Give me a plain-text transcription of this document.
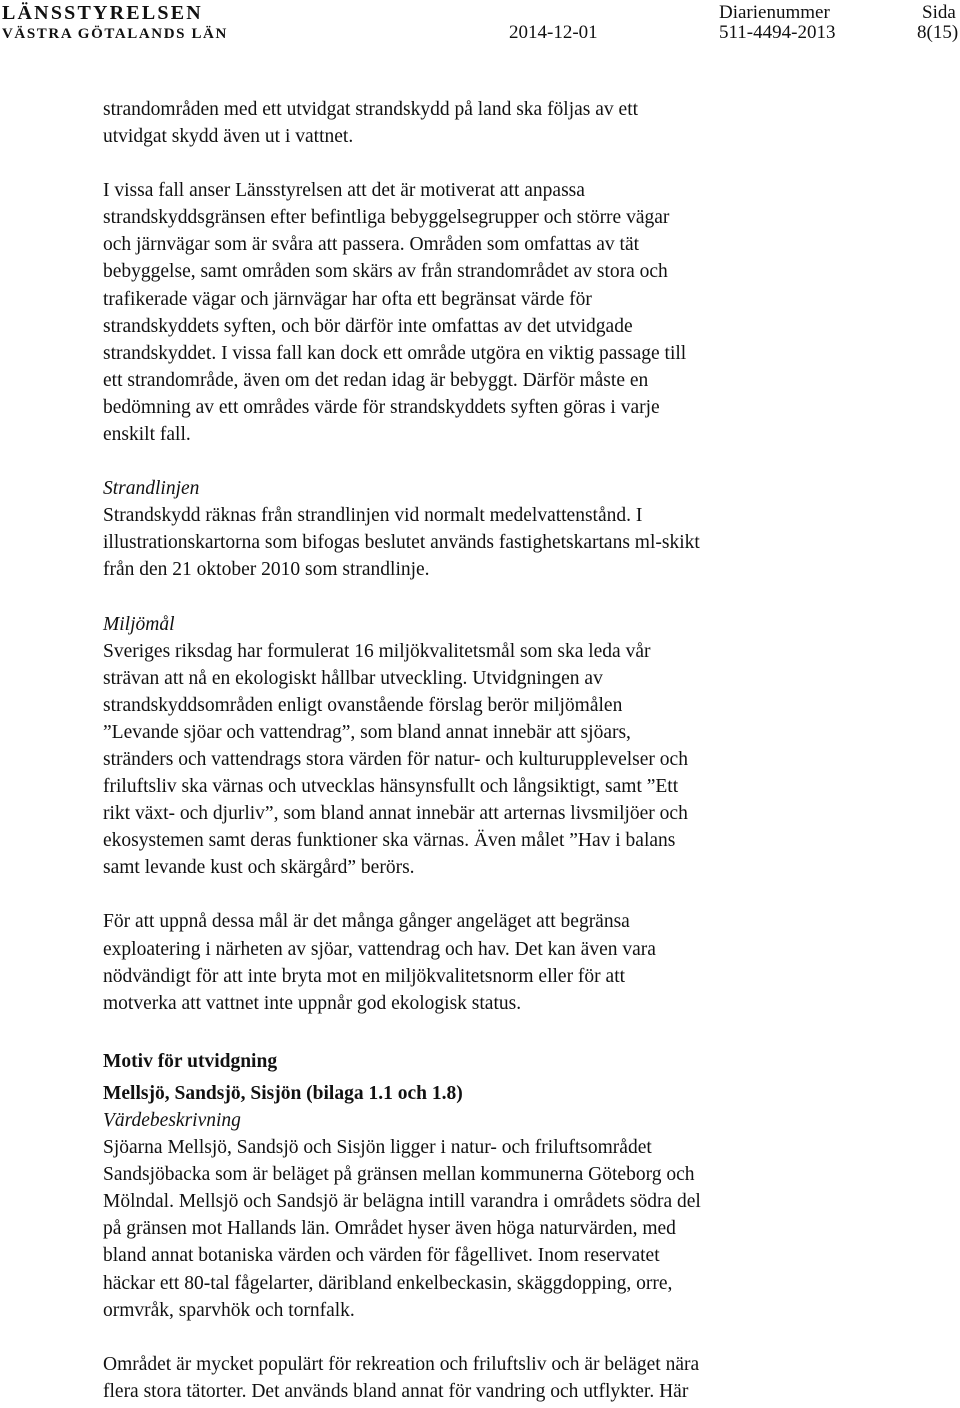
LÄNSSTYRELSEN
VÄSTRA GÖTALANDS LÄN	2014-12-01
Diarienummer
511-4494-2013
Sida
8(15)

strandområden med ett utvidgat strandskydd på land ska följas av ett
utvidgat skydd även ut i vattnet.

I vissa fall anser Länsstyrelsen att det är motiverat att anpassa
strandskyddsgränsen efter befintliga bebyggelsegrupper och större vägar
och järnvägar som är svåra att passera. Områden som omfattas av tät
bebyggelse, samt områden som skärs av från strandområdet av stora och
trafikerade vägar och järnvägar har ofta ett begränsat värde för
strandskyddets syften, och bör därför inte omfattas av det utvidgade
strandskyddet. I vissa fall kan dock ett område utgöra en viktig passage till
ett strandområde, även om det redan idag är bebyggt. Därför måste en
bedömning av ett områdes värde för strandskyddets syften göras i varje
enskilt fall.

Strandlinjen

Strandskydd räknas från strandlinjen vid normalt medelvattenstånd. I
illustrationskartorna som bifogas beslutet används fastighetskartans ml-skikt
från den 21 oktober 2010 som strandlinje.

Miljömål

Sveriges riksdag har formulerat 16 miljökvalitetsmål som ska leda vår
strävan att nå en ekologiskt hållbar utveckling. Utvidgningen av
strandskyddsområden enligt ovanstående förslag berör miljömålen
”Levande sjöar och vattendrag”, som bland annat innebär att sjöars,
stränders och vattendrags stora värden för natur- och kulturupplevelser och
friluftsliv ska värnas och utvecklas hänsynsfullt och långsiktigt, samt ”Ett
rikt växt- och djurliv”, som bland annat innebär att arternas livsmiljöer och
ekosystemen samt deras funktioner ska värnas. Även målet ”Hav i balans
samt levande kust och skärgård” berörs.

För att uppnå dessa mål är det många gånger angeläget att begränsa
exploatering i närheten av sjöar, vattendrag och hav. Det kan även vara
nödvändigt för att inte bryta mot en miljökvalitetsnorm eller för att
motverka att vattnet inte uppnår god ekologisk status.

Motiv för utvidgning

Mellsjö, Sandsjö, Sisjön (bilaga 1.1 och 1.8)

Värdebeskrivning

Sjöarna Mellsjö, Sandsjö och Sisjön ligger i natur- och friluftsområdet
Sandsjöbacka som är beläget på gränsen mellan kommunerna Göteborg och
Mölndal. Mellsjö och Sandsjö är belägna intill varandra i områdets södra del
på gränsen mot Hallands län. Området hyser även höga naturvärden, med
bland annat botaniska värden och värden för fågellivet. Inom reservatet
häckar ett 80-tal fågelarter, däribland enkelbeckasin, skäggdopping, orre,
ormvråk, sparvhök och tornfalk.

Området är mycket populärt för rekreation och friluftsliv och är beläget nära
flera stora tätorter. Det används bland annat för vandring och utflykter. Här
